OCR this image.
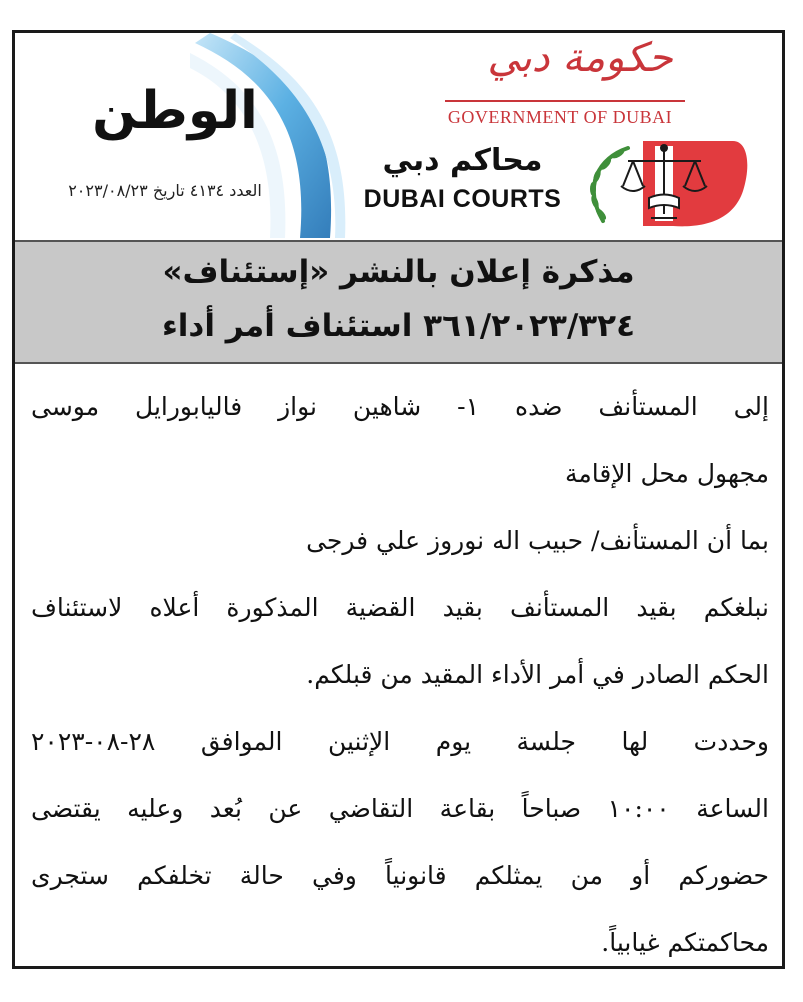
الوطن
العدد ٤١٣٤ تاريخ ٢٠٢٣/٠٨/٢٣
حكومة دبي
GOVERNMENT OF DUBAI
محاكم دبي
DUBAI COURTS
مذكرة إعلان بالنشر «إستئناف»
٣٦١/٢٠٢٣/٣٢٤ استئناف أمر أداء
إلى المستأنف ضده ١- شاهين نواز فاليابورايل موسى
مجهول محل الإقامة
بما أن المستأنف/ حبيب اله نوروز علي فرجى
نبلغكم بقيد المستأنف بقيد القضية المذكورة أعلاه لاستئناف
الحكم الصادر في أمر الأداء المقيد من قبلكم.
وحددت لها جلسة يوم الإثنين الموافق ٢٨-٠٨-٢٠٢٣
الساعة ١٠:٠٠ صباحاً بقاعة التقاضي عن بُعد وعليه يقتضى
حضوركم أو من يمثلكم قانونياً وفي حالة تخلفكم ستجرى
محاكمتكم غيابياً.
